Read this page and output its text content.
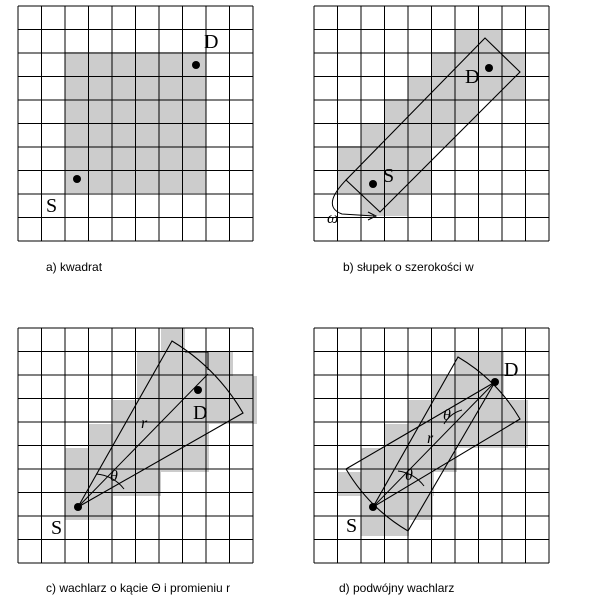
D
S
a) kwadrat
D
S
ω
b) słupek o szerokości w
D
S
θ
r
c) wachlarz o kącie Θ i promieniu r
D
S
θ
θ
r
d) podwójny wachlarz
